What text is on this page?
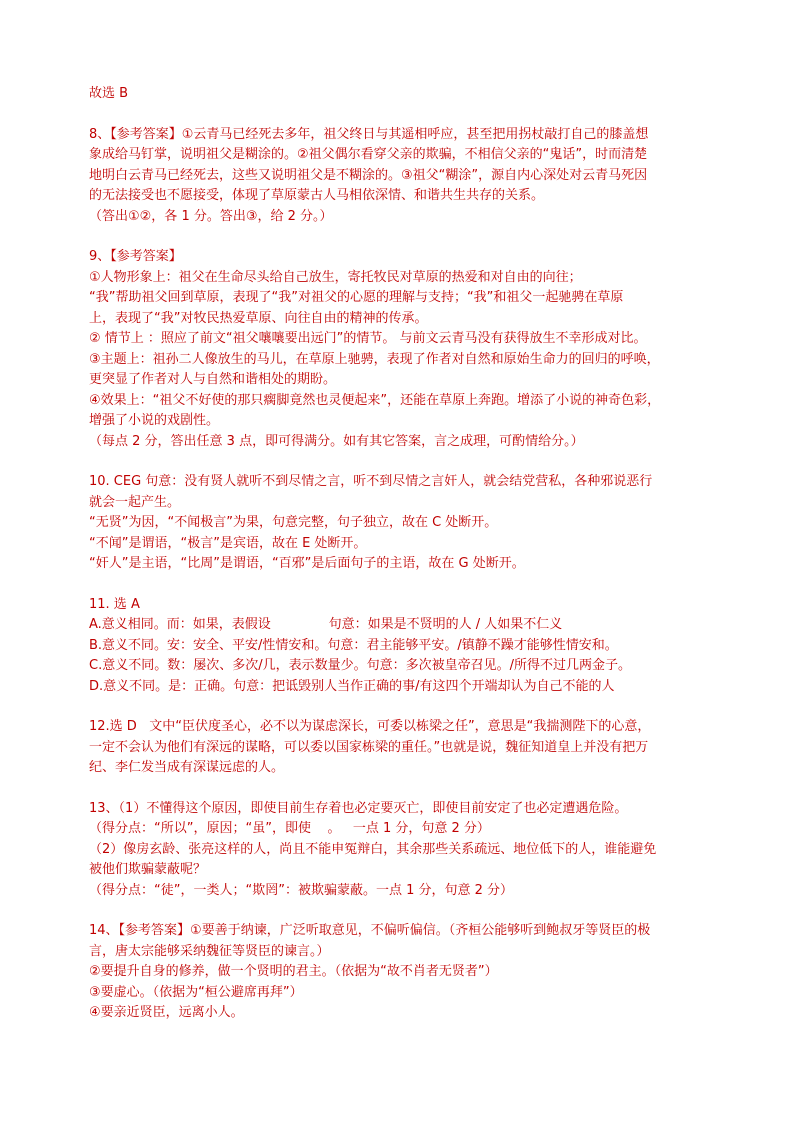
故选 B
8、【参考答案】①云青马已经死去多年，祖父终日与其遥相呼应，甚至把用拐杖敲打自己的膝盖想
象成给马钉掌，说明祖父是糊涂的。②祖父偶尔看穿父亲的欺骗，不相信父亲的“鬼话”，时而清楚
地明白云青马已经死去，这些又说明祖父是不糊涂的。③祖父“糊涂”，源自内心深处对云青马死因
的无法接受也不愿接受，体现了草原蒙古人马相依深情、和谐共生共存的关系。
（答出①②，各 1 分。答出③，给 2 分。）
9、【参考答案】
①人物形象上：祖父在生命尽头给自己放生，寄托牧民对草原的热爱和对自由的向往；
“我”帮助祖父回到草原，表现了“我”对祖父的心愿的理解与支持；“我”和祖父一起驰骋在草原
上，表现了“我”对牧民热爱草原、向往自由的精神的传承。
② 情节上 ：照应了前文“祖父嚷嚷要出远门”的情节。 与前文云青马没有获得放生不幸形成对比。
③主题上：祖孙二人像放生的马儿，在草原上驰骋，表现了作者对自然和原始生命力的回归的呼唤，
更突显了作者对人与自然和谐相处的期盼。
④效果上：“祖父不好使的那只瘸脚竟然也灵便起来”，还能在草原上奔跑。增添了小说的神奇色彩，
增强了小说的戏剧性。
（每点 2 分，答出任意 3 点，即可得满分。如有其它答案，言之成理，可酌情给分。）
10. CEG 句意：没有贤人就听不到尽情之言，听不到尽情之言奸人，就会结党营私，各种邪说恶行
就会一起产生。
“无贤”为因，“不闻极言”为果，句意完整，句子独立，故在 C 处断开。
“不闻”是谓语，“极言”是宾语，故在 E 处断开。
“奸人”是主语，“比周”是谓语，“百邪”是后面句子的主语，故在 G 处断开。
11. 选 A
A.意义相同。而：如果，表假设              句意：如果是不贤明的人 / 人如果不仁义
B.意义不同。安：安全、平安/性情安和。句意：君主能够平安。/镇静不躁才能够性情安和。
C.意义不同。数：屡次、多次/几，表示数量少。句意：多次被皇帝召见。/所得不过几两金子。
D.意义不同。是：正确。句意：把诋毁别人当作正确的事/有这四个开端却认为自己不能的人
12.选 D   文中“臣伏度圣心，必不以为谋虑深长，可委以栋梁之任”，意思是“我揣测陛下的心意，
一定不会认为他们有深远的谋略，可以委以国家栋梁的重任。”也就是说，魏征知道皇上并没有把万
纪、李仁发当成有深谋远虑的人。
13、（1）不懂得这个原因，即使目前生存着也必定要灭亡，即使目前安定了也必定遭遇危险。
（得分点：“所以”，原因；“虽”，即使    。   一点 1 分，句意 2 分）
（2）像房玄龄、张亮这样的人，尚且不能申冤辩白，其余那些关系疏远、地位低下的人，谁能避免
被他们欺骗蒙蔽呢？
（得分点：“徒”，一类人；“欺罔”：被欺骗蒙蔽。一点 1 分，句意 2 分）
14、【参考答案】①要善于纳谏，广泛听取意见，不偏听偏信。（齐桓公能够听到鲍叔牙等贤臣的极
言，唐太宗能够采纳魏征等贤臣的谏言。）
②要提升自身的修养，做一个贤明的君主。（依据为“故不肖者无贤者”）
③要虚心。（依据为“桓公避席再拜”）
④要亲近贤臣，远离小人。
